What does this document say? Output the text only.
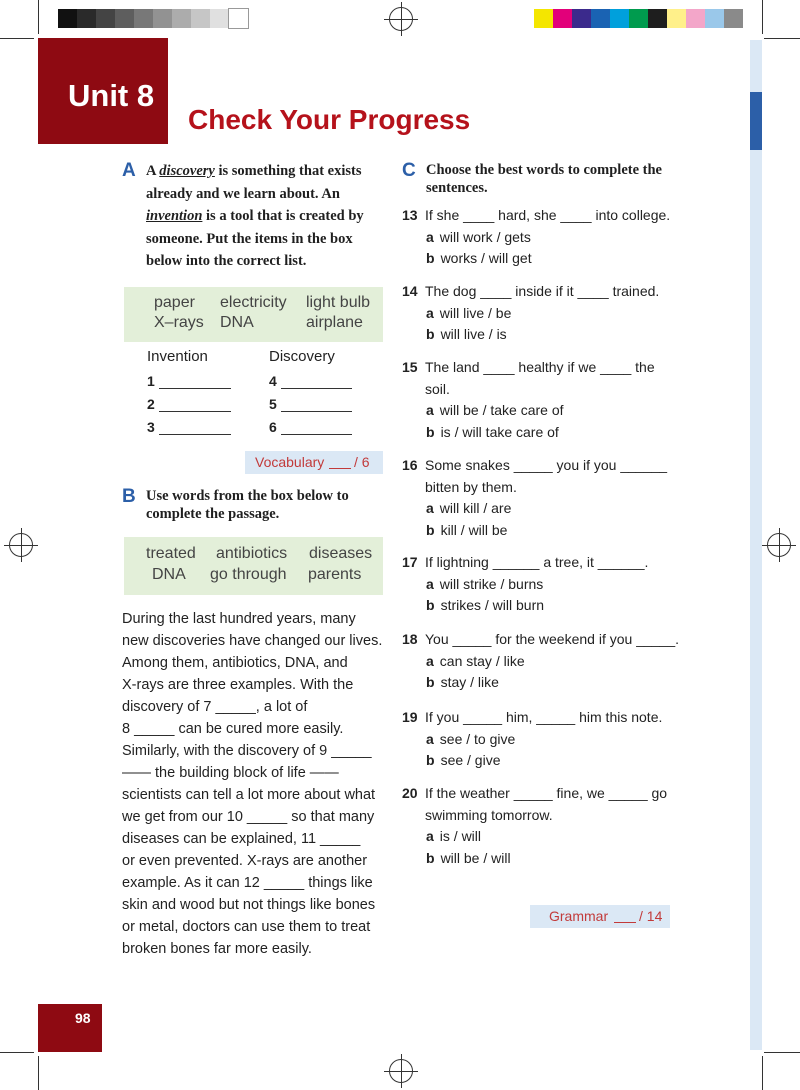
Unit 8
Check Your Progress
A A discovery is something that exists already and we learn about. An invention is a tool that is created by someone. Put the items in the box below into the correct list.
paper electricity light bulb
X–rays DNA	airplane
Invention	Discovery
1
2
3
4
5
6
Vocabulary / 6
B Use words from the box below to complete the passage.
treated antibiotics diseases
DNA go through parents

During the last hundred years, many

new discoveries have changed our lives.

Among them, antibiotics, DNA, and

X-rays are three examples. With the

discovery of 7 _____, a lot of

8 _____ can be cured more easily.

Similarly, with the discovery of 9 _____

—— the building block of life ——

scientists can tell a lot more about what

we get from our 10 _____ so that many

diseases can be explained, 11 _____

or even prevented. X-rays are another

example. As it can 12 _____ things like

skin and wood but not things like bones

or metal, doctors can use them to treat

broken bones far more easily.

C Choose the best words to complete the sentences.
13 If she ____ hard, she ____ into college.
a will work / gets
b works / will get
14 The dog ____ inside if it ____ trained.
a will live / be
b will live / is
15 The land ____ healthy if we ____ the
soil.
a will be / take care of
b is / will take care of
16 Some snakes _____ you if you ______
bitten by them.
a will kill / are
b kill / will be
17 If lightning ______ a tree, it ______.
a will strike / burns
b strikes / will burn
18 You _____ for the weekend if you _____.
a can stay / like
b stay / like
19 If you _____ him, _____ him this note.
a see / to give
b see / give
20 If the weather _____ fine, we _____ go
swimming tomorrow.
a is / will
b will be / will
Grammar / 14
98
